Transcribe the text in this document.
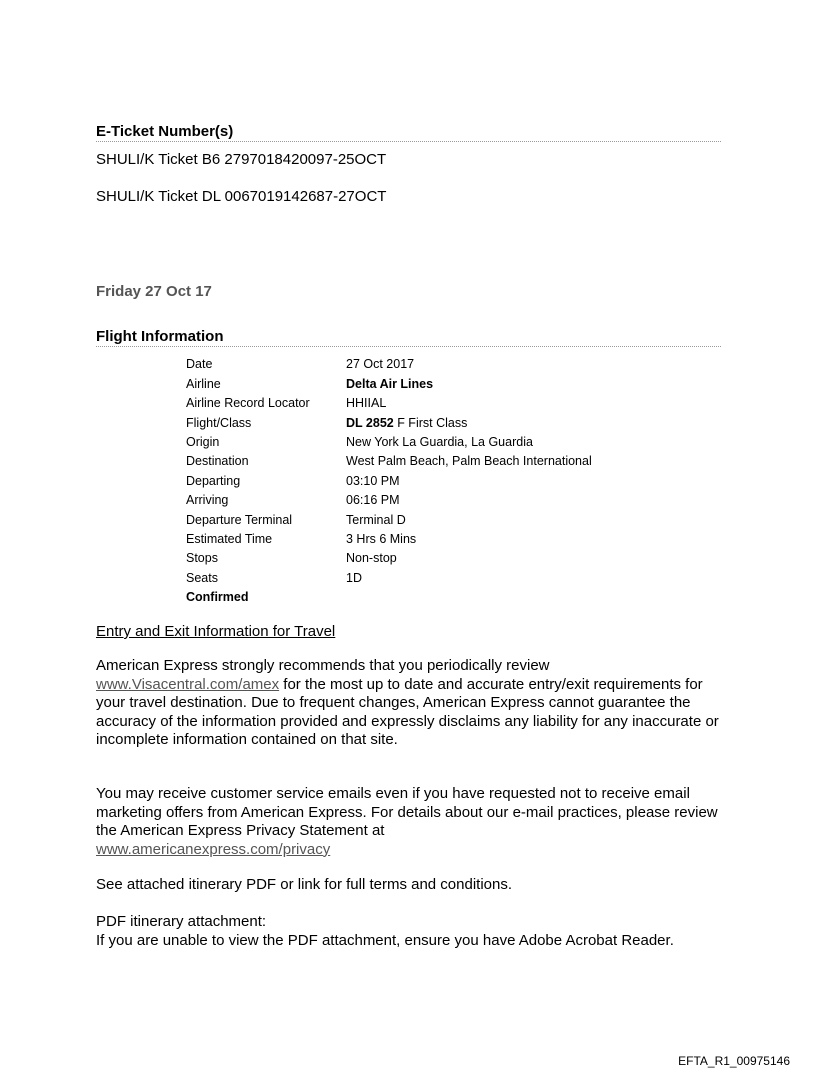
E-Ticket Number(s)
SHULI/K Ticket B6 2797018420097-25OCT
SHULI/K Ticket DL 0067019142687-27OCT
Friday 27 Oct 17
Flight Information
Date	27 Oct 2017
Airline	Delta Air Lines
Airline Record Locator	HHIIAL
Flight/Class	DL 2852 F First Class
Origin	New York La Guardia, La Guardia
Destination	West Palm Beach, Palm Beach International
Departing	03:10 PM
Arriving	06:16 PM
Departure Terminal	Terminal D
Estimated Time	3 Hrs 6 Mins
Stops	Non-stop
Seats	1D
Confirmed	
Entry and Exit Information for Travel

American Express strongly recommends that you periodically review
www.Visacentral.com/amex for the most up to date and accurate entry/exit requirements for your travel destination. Due to frequent changes, American Express cannot guarantee the accuracy of the information provided and expressly disclaims any liability for any inaccurate or incomplete information contained on that site.

You may receive customer service emails even if you have requested not to receive email marketing offers from American Express. For details about our e-mail practices, please review the American Express Privacy Statement at
www.americanexpress.com/privacy

See attached itinerary PDF or link for full terms and conditions.

PDF itinerary attachment:
If you are unable to view the PDF attachment, ensure you have Adobe Acrobat Reader.

EFTA_R1_00975146
